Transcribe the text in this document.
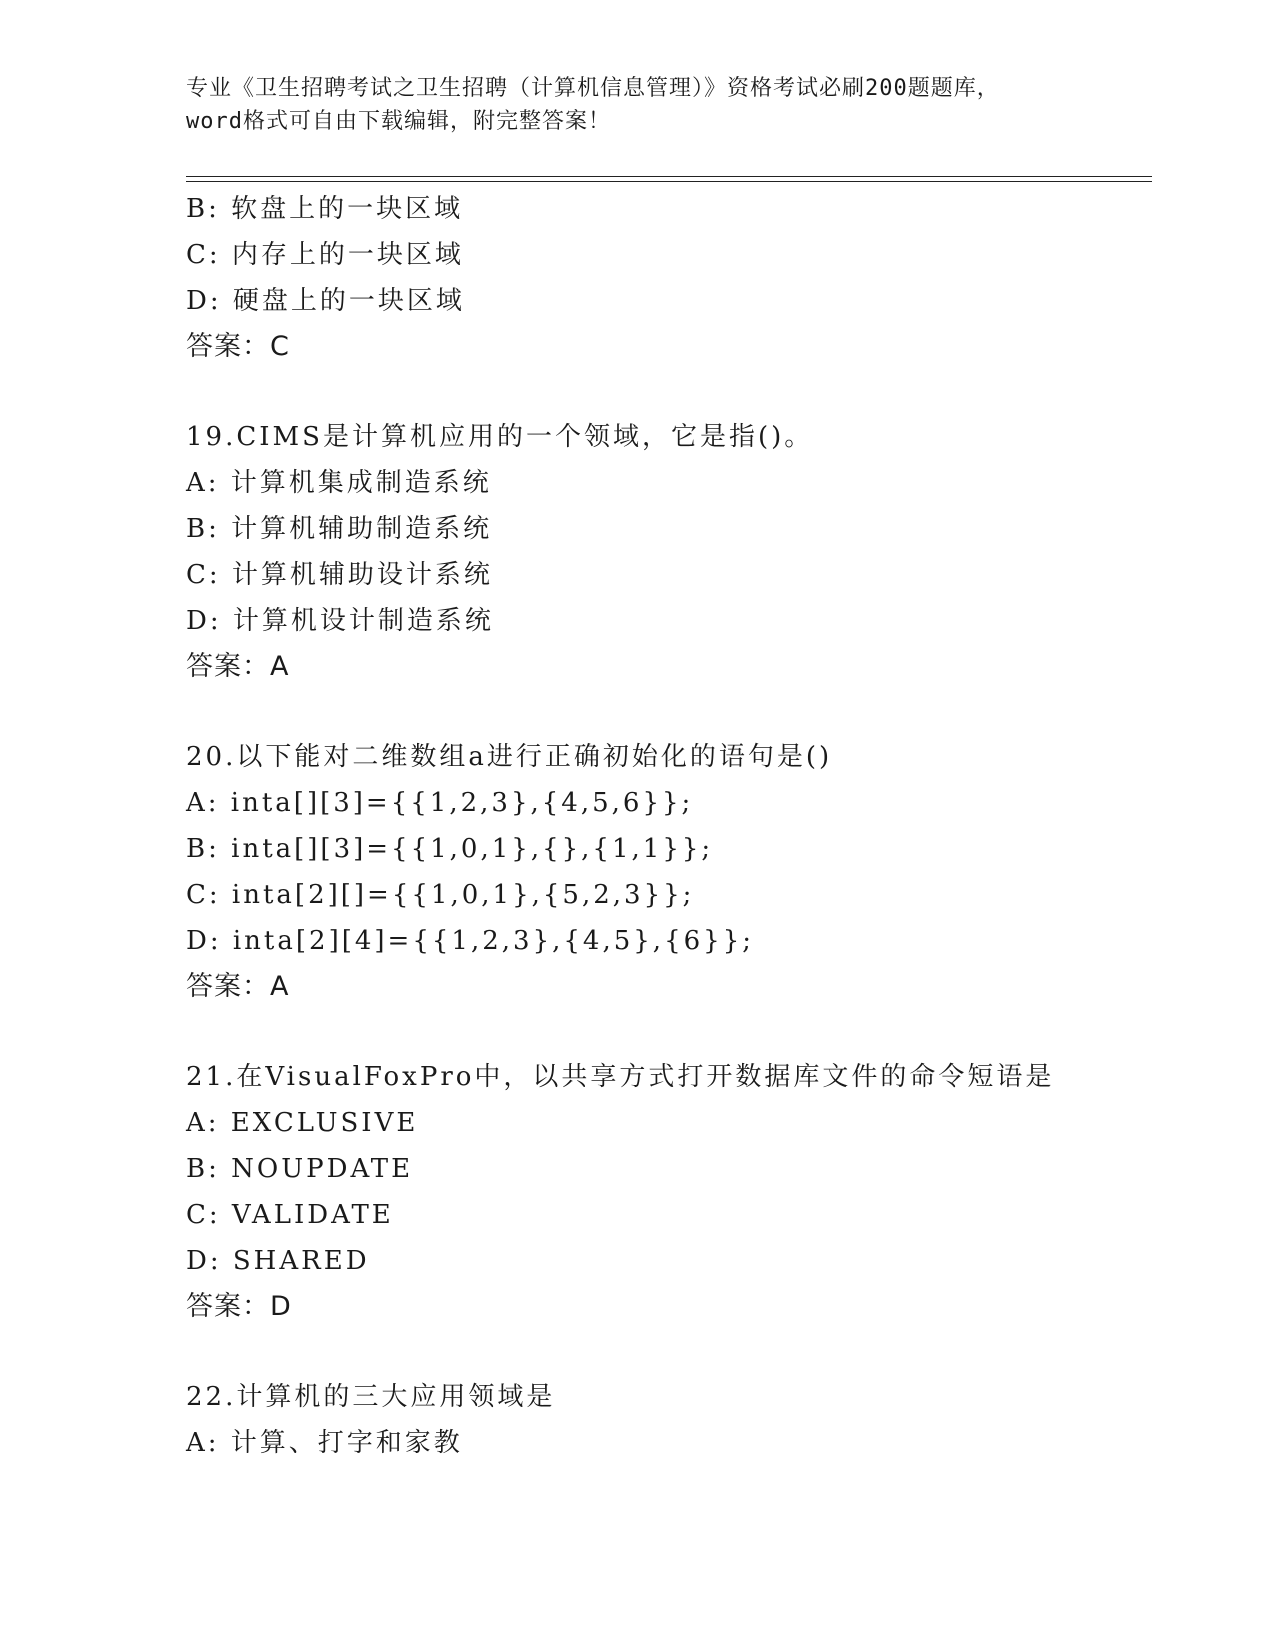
专业《卫生招聘考试之卫生招聘（计算机信息管理）》资格考试必刷200题题库，
word格式可自由下载编辑，附完整答案！
B: 软盘上的一块区域
C: 内存上的一块区域
D: 硬盘上的一块区域
答案：C
19.CIMS是计算机应用的一个领域，它是指()。
A: 计算机集成制造系统
B: 计算机辅助制造系统
C: 计算机辅助设计系统
D: 计算机设计制造系统
答案：A
20.以下能对二维数组a进行正确初始化的语句是()
A: inta[][3]={{1,2,3},{4,5,6}};
B: inta[][3]={{1,0,1},{},{1,1}};
C: inta[2][]={{1,0,1},{5,2,3}};
D: inta[2][4]={{1,2,3},{4,5},{6}};
答案：A
21.在VisualFoxPro中，以共享方式打开数据库文件的命令短语是
A: EXCLUSIVE
B: NOUPDATE
C: VALIDATE
D: SHARED
答案：D
22.计算机的三大应用领域是
A: 计算、打字和家教
